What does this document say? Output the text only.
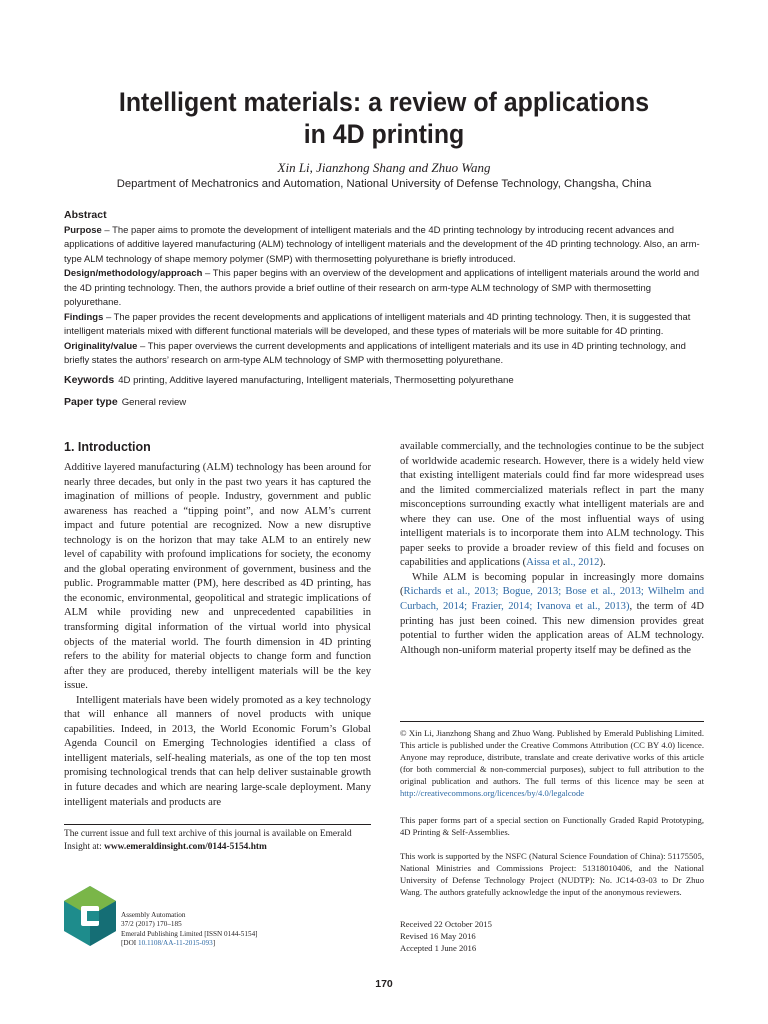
Intelligent materials: a review of applications
in 4D printing
Xin Li, Jianzhong Shang and Zhuo Wang
Department of Mechatronics and Automation, National University of Defense Technology, Changsha, China

Abstract

Purpose – The paper aims to promote the development of intelligent materials and the 4D printing technology by introducing recent advances and applications of additive layered manufacturing (ALM) technology of intelligent materials and the development of the 4D printing technology. Also, an arm-type ALM technology of shape memory polymer (SMP) with thermosetting polyurethane is briefly introduced.

Design/methodology/approach – This paper begins with an overview of the development and applications of intelligent materials around the world and the 4D printing technology. Then, the authors provide a brief outline of their research on arm-type ALM technology of SMP with thermosetting polyurethane.

Findings – The paper provides the recent developments and applications of intelligent materials and 4D printing technology. Then, it is suggested that intelligent materials mixed with different functional materials will be developed, and these types of materials will be more suitable for 4D printing.

Originality/value – This paper overviews the current developments and applications of intelligent materials and its use in 4D printing technology, and briefly states the authors’ research on arm-type ALM technology of SMP with thermosetting polyurethane.

Keywords 4D printing, Additive layered manufacturing, Intelligent materials, Thermosetting polyurethane
Paper type General review
1. Introduction

Additive layered manufacturing (ALM) technology has been around for nearly three decades, but only in the past two years it has captured the imagination of millions of people. Industry, government and public awareness has reached a “tipping point”, and now ALM’s current impact and future potential are recognized. Now a new disruptive technology is on the horizon that may take ALM to an entirely new level of capability with profound implications for society, the economy and the global operating environment of government, business and the public. Programmable matter (PM), here described as 4D printing, has the economic, environmental, geopolitical and strategic implications of ALM while providing new and unprecedented capabilities in transforming digital information of the virtual world into physical objects of the material world. The fourth dimension in 4D printing refers to the ability for material objects to change form and function after they are produced, thereby intelligent materials will be the key issue.

Intelligent materials have been widely promoted as a key technology that will enhance all manners of novel products with unique capabilities. Indeed, in 2013, the World Economic Forum’s Global Agenda Council on Emerging Technologies identified a class of intelligent materials, self-healing materials, as one of the top ten most promising technological trends that can help deliver sustainable growth in future decades and which are nearing large-scale deployment. Many intelligent materials and products are

available commercially, and the technologies continue to be the subject of worldwide academic research. However, there is a widely held view that existing intelligent materials could find far more widespread uses and the limited commercialized materials reflect in part the many misconceptions surrounding exactly what intelligent materials are and where they can use. One of the most influential ways of using intelligent materials is to incorporate them into ALM technology. This paper seeks to provide a broader review of this field and focuses on capabilities and applications (Aissa et al., 2012).

While ALM is becoming popular in increasingly more domains (Richards et al., 2013; Bogue, 2013; Bose et al., 2013; Wilhelm and Curbach, 2014; Frazier, 2014; Ivanova et al., 2013), the term of 4D printing has just been coined. This new dimension provides great potential to further widen the application areas of ALM technology. Although non-uniform material property itself may be defined as the

© Xin Li, Jianzhong Shang and Zhuo Wang. Published by Emerald Publishing Limited. This article is published under the Creative Commons Attribution (CC BY 4.0) licence. Anyone may reproduce, distribute, translate and create derivative works of this article (for both commercial & non-commercial purposes), subject to full attribution to the original publication and authors. The full terms of this licence may be seen at http://creativecommons.org/licences/by/4.0/legalcode

This paper forms part of a special section on Functionally Graded Rapid Prototyping, 4D Printing & Self-Assemblies.
This work is supported by the NSFC (Natural Science Foundation of China): 51175505, National Ministries and Commissions Project: 51318010406, and the National University of Defense Technology Project (NUDTP): No. JC14-03-03 to Dr Zhuo Wang. The authors gratefully acknowledge the input of the anonymous reviewers.

Received 22 October 2015

Revised 16 May 2016

Accepted 1 June 2016

The current issue and full text archive of this journal is available on Emerald Insight at: www.emeraldinsight.com/0144-5154.htm

Assembly Automation

37/2 (2017) 170–185

Emerald Publishing Limited [ISSN 0144-5154]

[DOI 10.1108/AA-11-2015-093]

170
